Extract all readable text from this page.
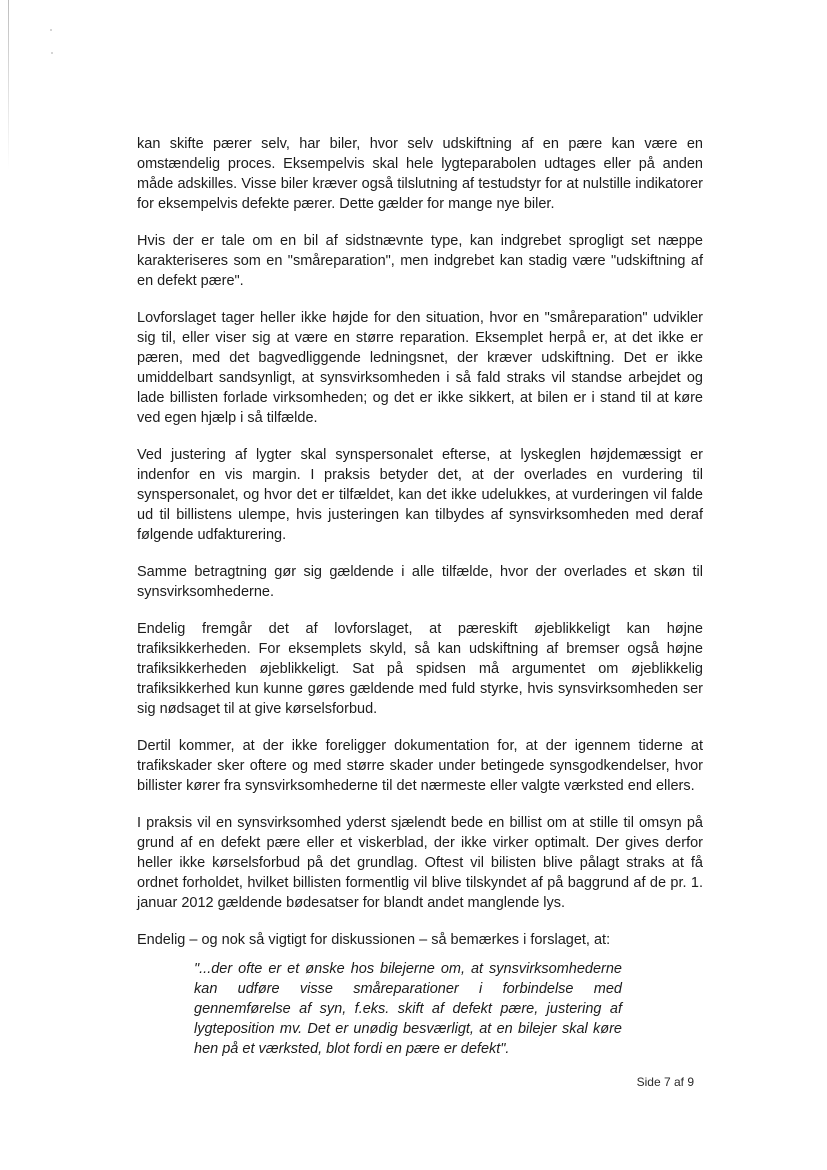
kan skifte pærer selv, har biler, hvor selv udskiftning af en pære kan være en omstændelig proces. Eksempelvis skal hele lygteparabolen udtages eller på anden måde adskilles. Visse biler kræver også tilslutning af testudstyr for at nulstille indikatorer for eksempelvis defekte pærer. Dette gælder for mange nye biler.

Hvis der er tale om en bil af sidstnævnte type, kan indgrebet sprogligt set næppe karakteriseres som en "småreparation", men indgrebet kan stadig være "udskiftning af en defekt pære".

Lovforslaget tager heller ikke højde for den situation, hvor en "småreparation" udvikler sig til, eller viser sig at være en større reparation. Eksemplet herpå er, at det ikke er pæren, med det bagvedliggende ledningsnet, der kræver udskiftning. Det er ikke umiddelbart sandsynligt, at synsvirksomheden i så fald straks vil standse arbejdet og lade billisten forlade virksomheden; og det er ikke sikkert, at bilen er i stand til at køre ved egen hjælp i så tilfælde.

Ved justering af lygter skal synspersonalet efterse, at lyskeglen højdemæssigt er indenfor en vis margin. I praksis betyder det, at der overlades en vurdering til synspersonalet, og hvor det er tilfældet, kan det ikke udelukkes, at vurderingen vil falde ud til billistens ulempe, hvis justeringen kan tilbydes af synsvirksomheden med deraf følgende udfakturering.

Samme betragtning gør sig gældende i alle tilfælde, hvor der overlades et skøn til synsvirksomhederne.

Endelig fremgår det af lovforslaget, at pæreskift øjeblikkeligt kan højne trafiksikkerheden. For eksemplets skyld, så kan udskiftning af bremser også højne trafiksikkerheden øjeblikkeligt. Sat på spidsen må argumentet om øjeblikkelig trafiksikkerhed kun kunne gøres gældende med fuld styrke, hvis synsvirksomheden ser sig nødsaget til at give kørselsforbud.

Dertil kommer, at der ikke foreligger dokumentation for, at der igennem tiderne at trafikskader sker oftere og med større skader under betingede synsgodkendelser, hvor billister kører fra synsvirksomhederne til det nærmeste eller valgte værksted end ellers.

I praksis vil en synsvirksomhed yderst sjælendt bede en billist om at stille til omsyn på grund af en defekt pære eller et viskerblad, der ikke virker optimalt. Der gives derfor heller ikke kørselsforbud på det grundlag. Oftest vil bilisten blive pålagt straks at få ordnet forholdet, hvilket billisten formentlig vil blive tilskyndet af på baggrund af de pr. 1. januar 2012 gældende bødesatser for blandt andet manglende lys.

Endelig – og nok så vigtigt for diskussionen – så bemærkes i forslaget, at:

"...der ofte er et ønske hos bilejerne om, at synsvirksomhederne kan udføre visse småreparationer i forbindelse med gennemførelse af syn, f.eks. skift af defekt pære, justering af lygteposition mv. Det er unødig besværligt, at en bilejer skal køre hen på et værksted, blot fordi en pære er defekt".

Side 7 af 9
